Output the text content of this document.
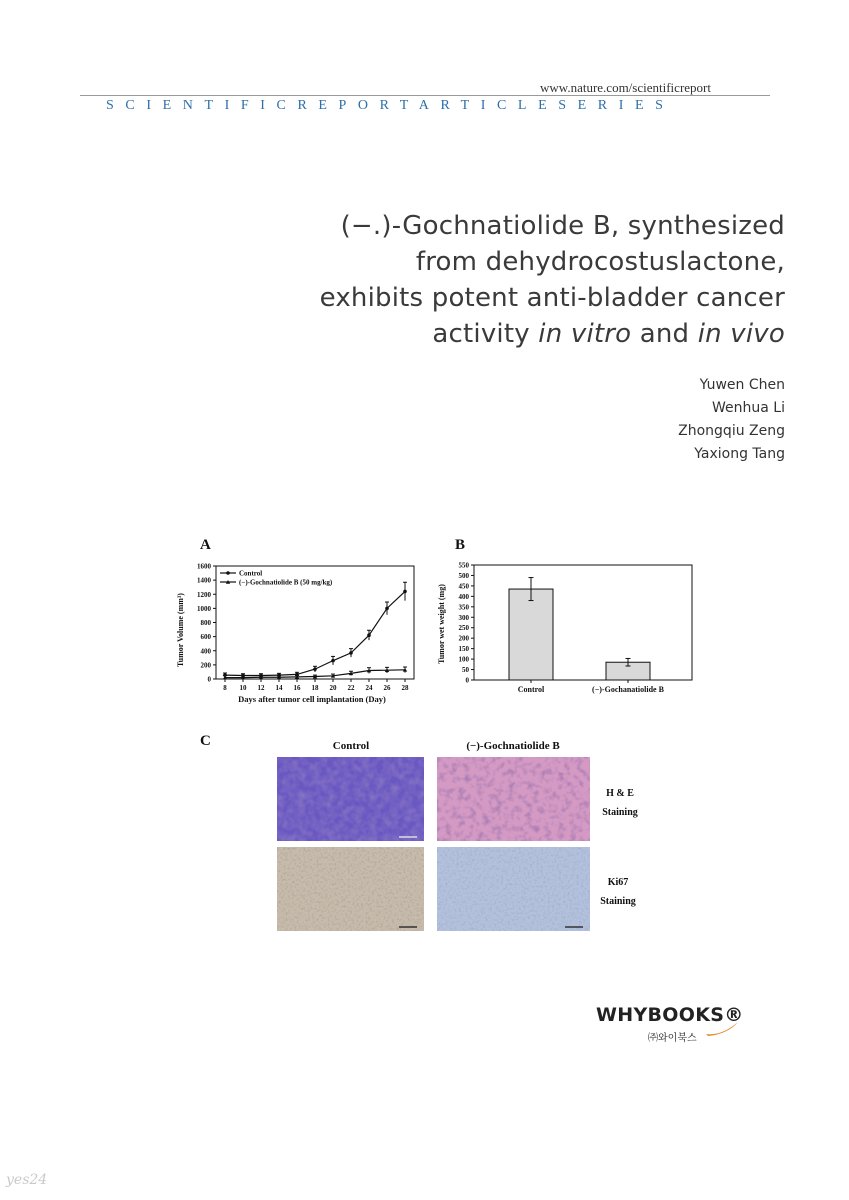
www.nature.com/scientificreport
SCIENTIFICREPORTARTICLESERIES
(−.)-Gochnatiolide B, synthesized
from dehydrocostuslactone,
exhibits potent anti-bladder cancer
activity in vitro and in vivo
Yuwen Chen
Wenhua Li
Zhongqiu Zeng
Yaxiong Tang
A
Tumor Volume (mm³)
Days after tumor cell implantation (Day)
0
200
400
600
800
1000
1200
1400
1600
8 10 12 14 16 18 20 22 24 26 28
Control
(−)-Gochnatiolide B (50 mg/kg)
B
Tumor wet weight (mg)
0
50
100
150
200
250
300
350
400
450
500
550
Control	(−)-Gochanatiolide B
C	Control	(−)-Gochnatiolide B
H & E
Staining
Ki67
Staining
WHYBOOKS®
㈜와이북스
yes24
